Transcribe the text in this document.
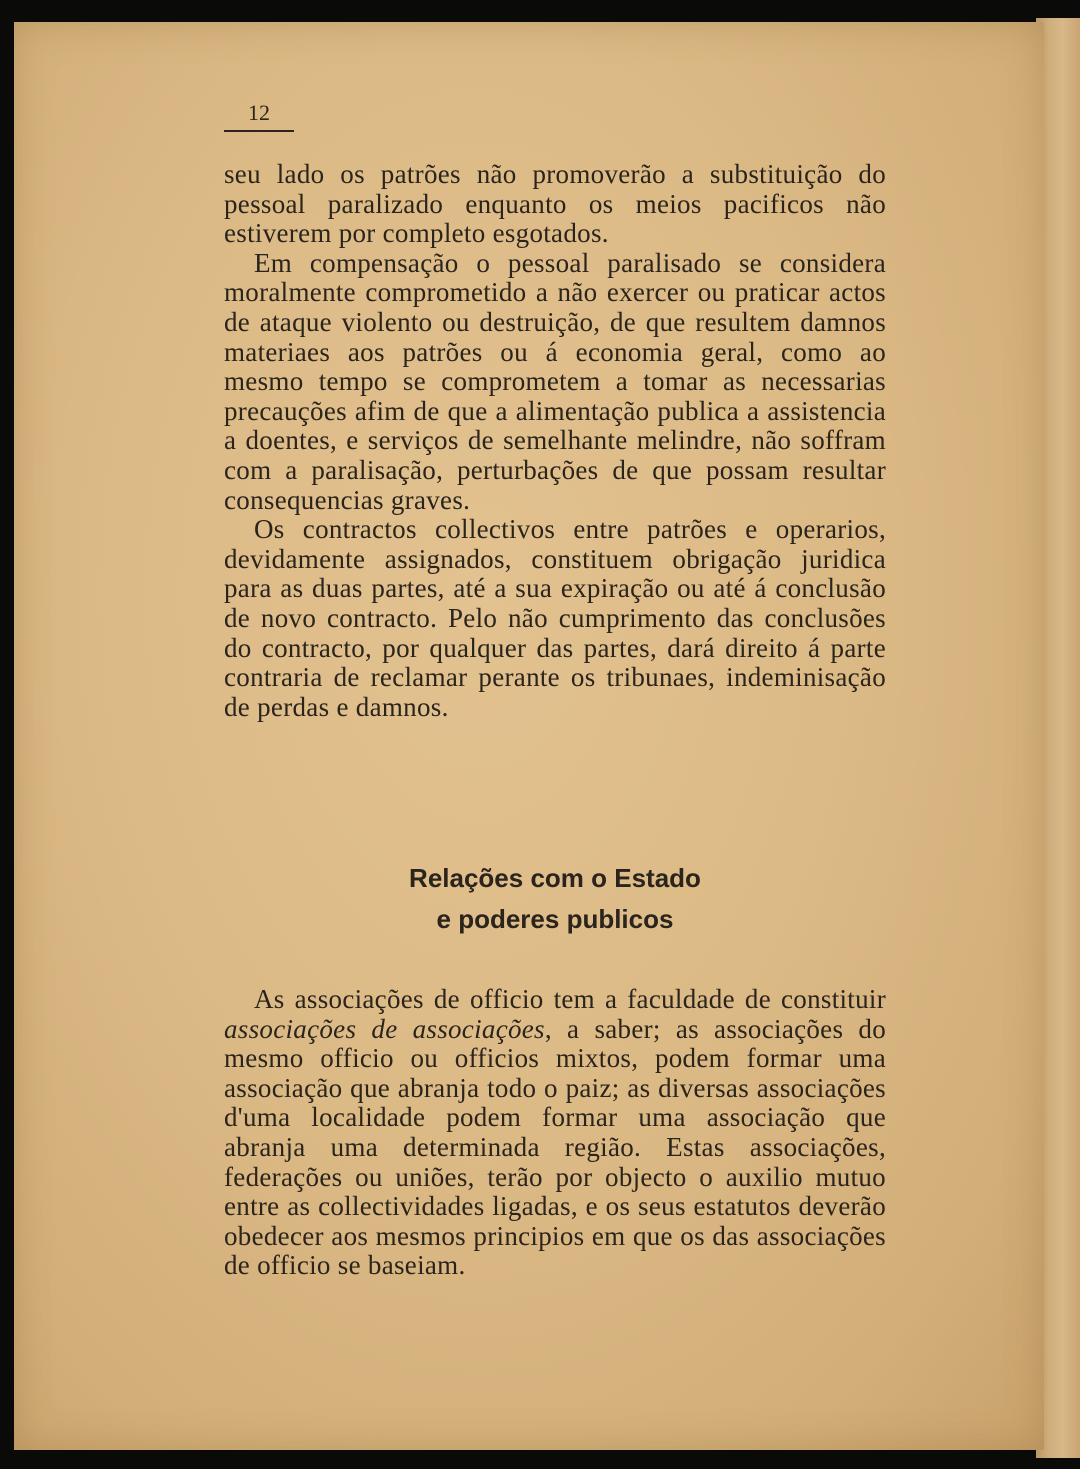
12

seu lado os patrões não promoverão a substituição do pessoal paralizado enquanto os meios pacificos não estiverem por completo esgotados.

Em compensação o pessoal paralisado se considera moralmente comprometido a não exercer ou praticar actos de ataque violento ou destruição, de que resultem damnos materiaes aos patrões ou á economia geral, como ao mesmo tempo se comprometem a tomar as necessarias precauções afim de que a alimentação publica a assistencia a doentes, e serviços de semelhante melindre, não soffram com a paralisação, perturbações de que possam resultar consequencias graves.

Os contractos collectivos entre patrões e operarios, devidamente assignados, constituem obrigação juridica para as duas partes, até a sua expiração ou até á conclusão de novo contracto. Pelo não cumprimento das conclusões do contracto, por qualquer das partes, dará direito á parte contraria de reclamar perante os tribunaes, indeminisação de perdas e damnos.

Relações com o Estado
e poderes publicos

As associações de officio tem a faculdade de constituir associações de associações, a saber; as associações do mesmo officio ou officios mixtos, podem formar uma associação que abranja todo o paiz; as diversas associações d'uma localidade podem formar uma associação que abranja uma determinada região. Estas associações, federações ou uniões, terão por objecto o auxilio mutuo entre as collectividades ligadas, e os seus estatutos deverão obedecer aos mesmos principios em que os das associações de officio se baseiam.
